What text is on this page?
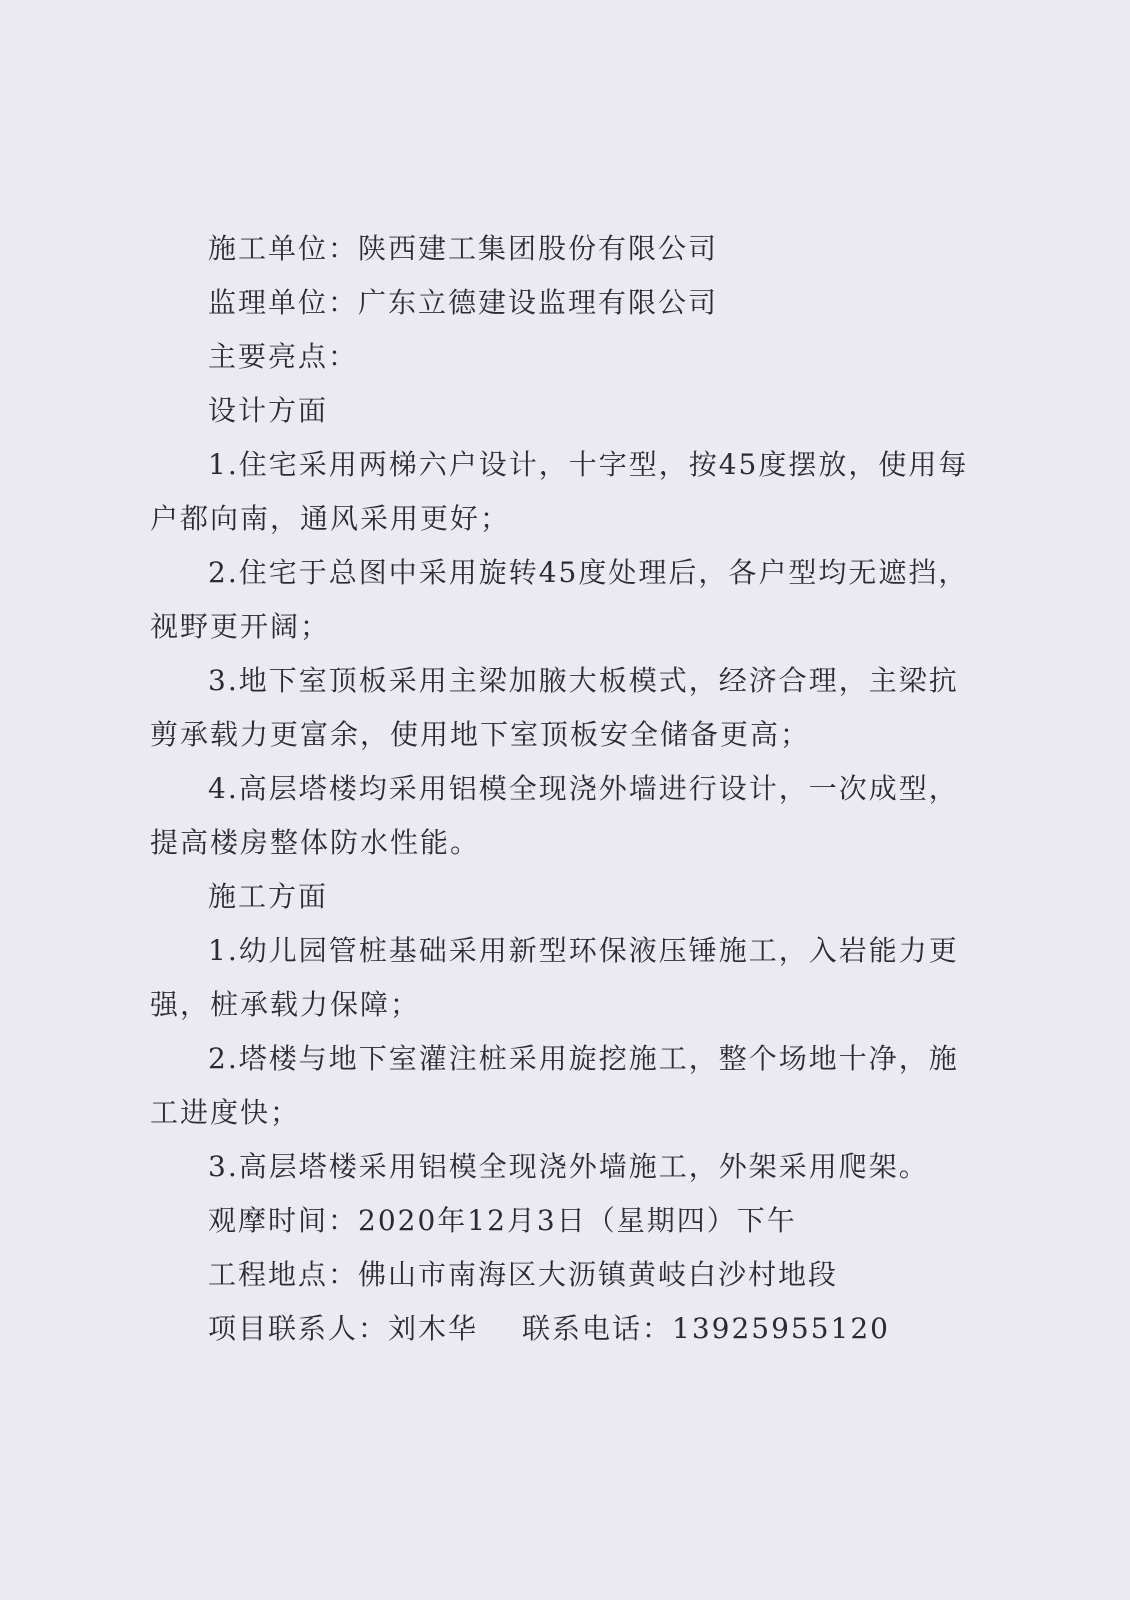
施工单位：陕西建工集团股份有限公司

监理单位：广东立德建设监理有限公司

主要亮点：

设计方面

1.住宅采用两梯六户设计，十字型，按45度摆放，使用每户都向南，通风采用更好；

2.住宅于总图中采用旋转45度处理后，各户型均无遮挡，视野更开阔；

3.地下室顶板采用主梁加腋大板模式，经济合理，主梁抗剪承载力更富余，使用地下室顶板安全储备更高；

4.高层塔楼均采用铝模全现浇外墙进行设计，一次成型，提高楼房整体防水性能。

施工方面

1.幼儿园管桩基础采用新型环保液压锤施工，入岩能力更强，桩承载力保障；

2.塔楼与地下室灌注桩采用旋挖施工，整个场地十净，施工进度快；

3.高层塔楼采用铝模全现浇外墙施工，外架采用爬架。

观摩时间：2020年12月3日（星期四）下午

工程地点：佛山市南海区大沥镇黄岐白沙村地段

项目联系人：刘木华 联系电话：13925955120
